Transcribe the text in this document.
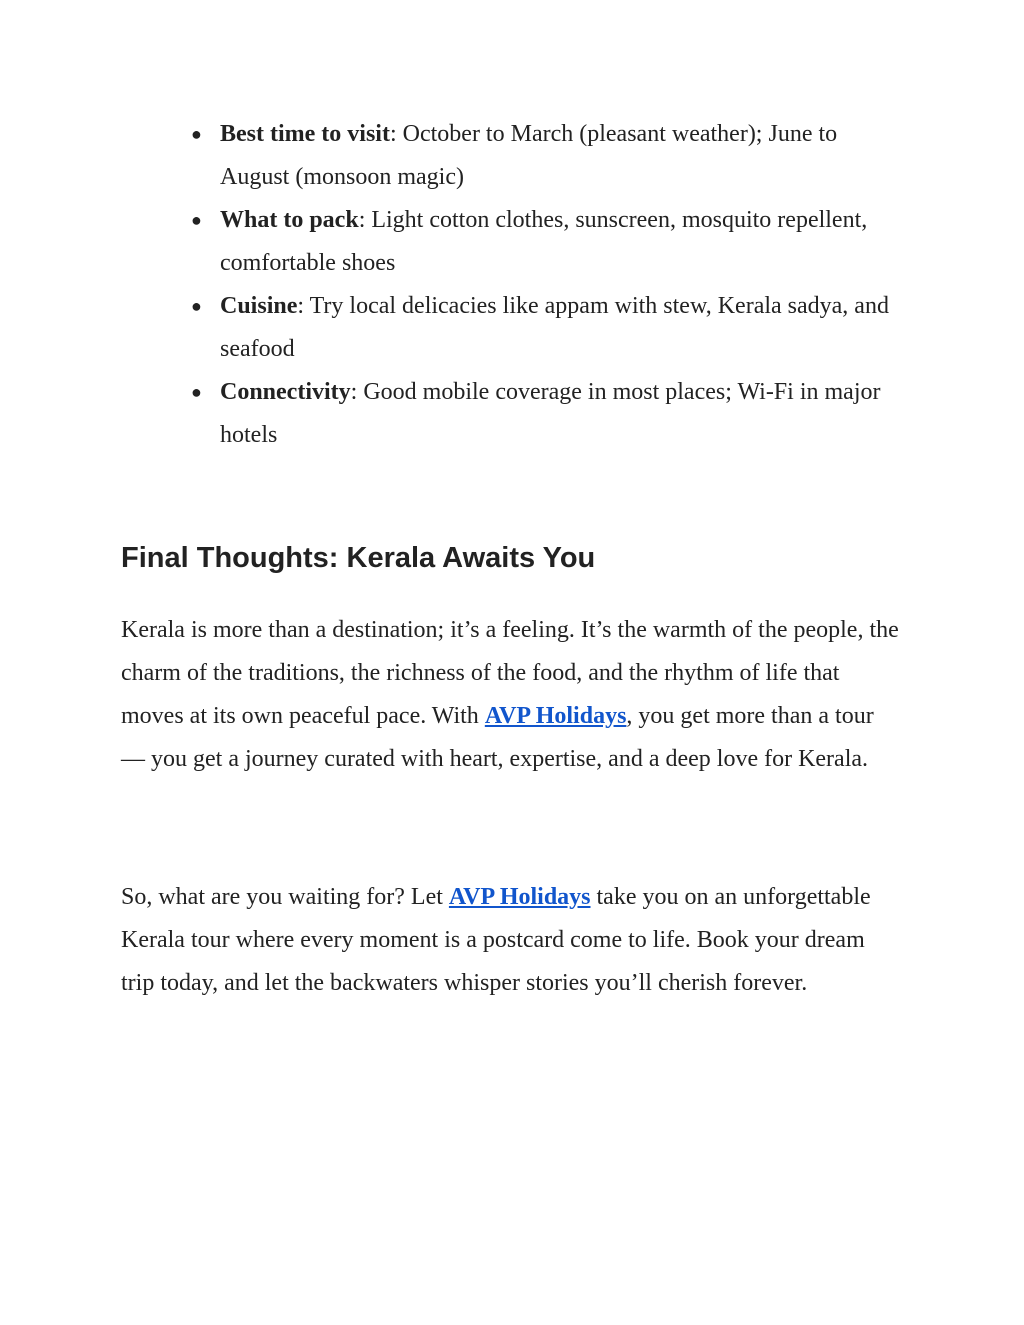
● Best time to visit: October to March (pleasant weather); June to August (monsoon magic)
● What to pack: Light cotton clothes, sunscreen, mosquito repellent, comfortable shoes
● Cuisine: Try local delicacies like appam with stew, Kerala sadya, and seafood
● Connectivity: Good mobile coverage in most places; Wi-Fi in major hotels
Final Thoughts: Kerala Awaits You

Kerala is more than a destination; it’s a feeling. It’s the warmth of the people, the charm of the traditions, the richness of the food, and the rhythm of life that moves at its own peaceful pace. With AVP Holidays, you get more than a tour — you get a journey curated with heart, expertise, and a deep love for Kerala.

So, what are you waiting for? Let AVP Holidays take you on an unforgettable Kerala tour where every moment is a postcard come to life. Book your dream trip today, and let the backwaters whisper stories you’ll cherish forever.
